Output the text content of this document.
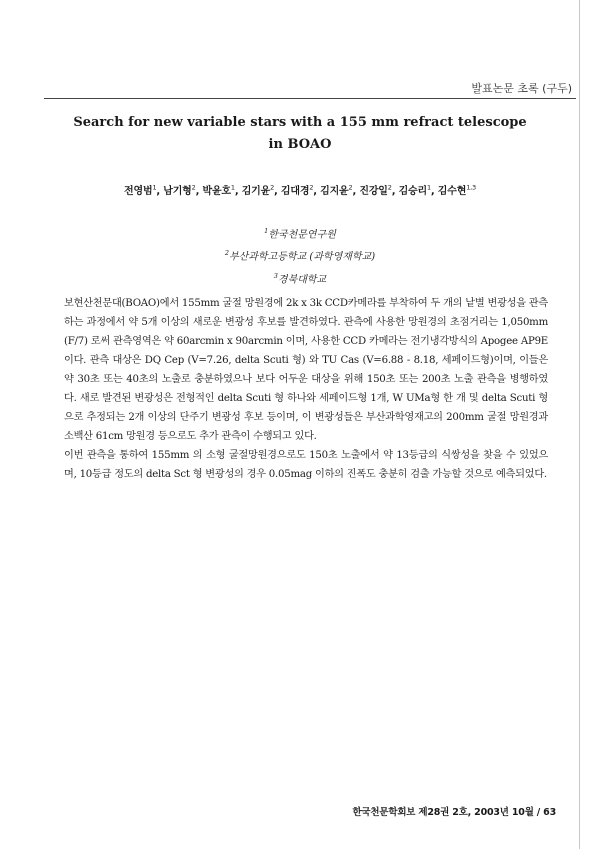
발표논문 초록 (구두)
Search for new variable stars with a 155 mm refract telescope
in BOAO
전영범$^1$, 남기형$^2$, 박윤호$^1$, 김기윤$^2$, 김대경$^2$, 김지윤$^2$, 진강일$^2$, 김승리$^1$, 김수현$^{1,3}$
$^1$한국천문연구원
$^2$부산과학고등학교 (과학영재학교)
$^3$경북대학교

보현산천문대(BOAO)에서 155mm 굴절 망원경에 2k x 3k CCD카메라를 부착하여 두 개의 낱별 변광성을 관측하는 과정에서 약 5개 이상의 새로운 변광성 후보를 발견하였다. 관측에 사용한 망원경의 초점거리는 1,050mm (F/7) 로써 관측영역은 약 60arcmin x 90arcmin 이며, 사용한 CCD 카메라는 전기냉각방식의 Apogee AP9E 이다. 관측 대상은 DQ Cep (V=7.26, delta Scuti 형) 와 TU Cas (V=6.88 - 8.18, 세페이드형)이며, 이들은 약 30초 또는 40초의 노출로 충분하였으나 보다 어두운 대상을 위해 150초 또는 200초 노출 관측을 병행하였다. 새로 발견된 변광성은 전형적인 delta Scuti 형 하나와 세페이드형 1개, W UMa형 한 개 및 delta Scuti 형으로 추정되는 2개 이상의 단주기 변광성 후보 등이며, 이 변광성들은 부산과학영재고의 200mm 굴절 망원경과 소백산 61cm 망원경 등으로도 추가 관측이 수행되고 있다.

이번 관측을 통하여 155mm 의 소형 굴절망원경으로도 150초 노출에서 약 13등급의 식쌍성을 찾을 수 있었으며, 10등급 정도의 delta Sct 형 변광성의 경우 0.05mag 이하의 진폭도 충분히 검출 가능할 것으로 예측되었다.

한국천문학회보 제28권 2호, 2003년 10월 / 63
